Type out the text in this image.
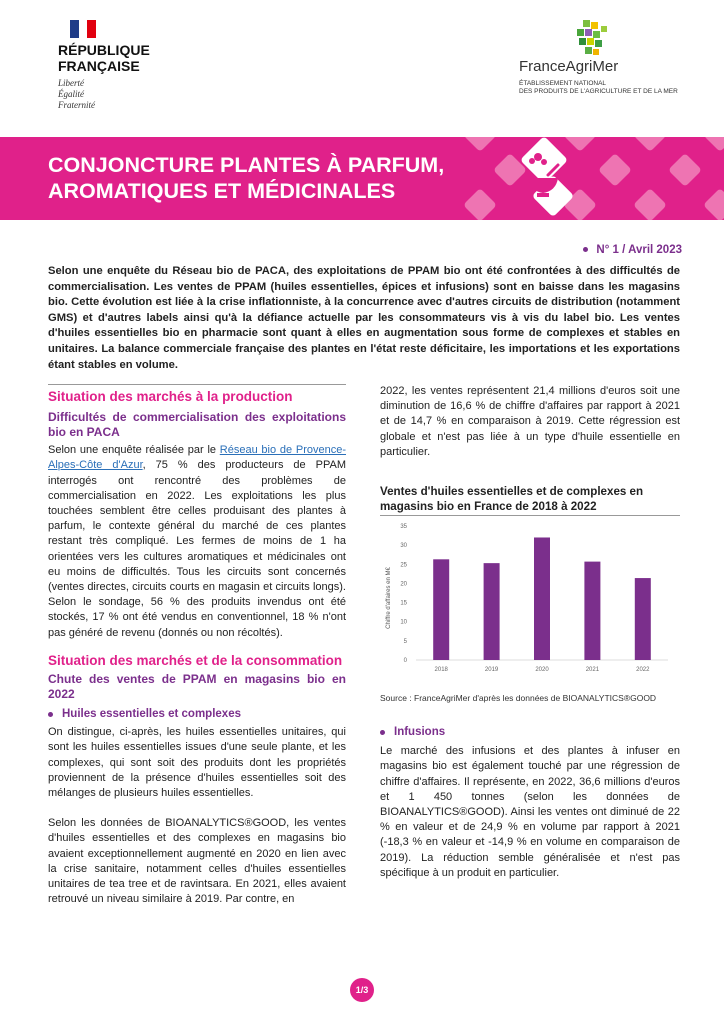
RÉPUBLIQUE
FRANÇAISE
Liberté
Égalité
Fraternité
FranceAgriMer
ÉTABLISSEMENT NATIONAL
DES PRODUITS DE L'AGRICULTURE ET DE LA MER
CONJONCTURE PLANTES À PARFUM,
AROMATIQUES ET MÉDICINALES
N° 1 / Avril 2023
Selon une enquête du Réseau bio de PACA, des exploitations de PPAM bio ont été confrontées à des difficultés de commercialisation. Les ventes de PPAM (huiles essentielles, épices et infusions) sont en baisse dans les magasins bio. Cette évolution est liée à la crise inflationniste, à la concurrence avec d'autres circuits de distribution (notamment GMS) et d'autres labels ainsi qu'à la défiance actuelle par les consommateurs vis à vis du label bio. Les ventes d'huiles essentielles bio en pharmacie sont quant à elles en augmentation sous forme de complexes et stables en unitaires. La balance commerciale française des plantes en l'état reste déficitaire, les importations et les exportations étant stables en volume.
Situation des marchés à la production
Difficultés de commercialisation des exploitations bio en PACA

Selon une enquête réalisée par le Réseau bio de Provence-Alpes-Côte d'Azur, 75 % des producteurs de PPAM interrogés ont rencontré des problèmes de commercialisation en 2022. Les exploitations les plus touchées semblent être celles produisant des plantes à parfum, le contexte général du marché de ces plantes restant très compliqué. Les fermes de moins de 1 ha orientées vers les cultures aromatiques et médicinales ont eu moins de difficultés. Tous les circuits sont concernés (ventes directes, circuits courts en magasin et circuits longs). Selon le sondage, 56 % des produits invendus ont été stockés, 17 % ont été vendus en conventionnel, 18 % n'ont pas généré de revenu (donnés ou non récoltés).

Situation des marchés et de la consommation
Chute des ventes de PPAM en magasins bio en 2022
Huiles essentielles et complexes

On distingue, ci-après, les huiles essentielles unitaires, qui sont les huiles essentielles issues d'une seule plante, et les complexes, qui sont soit des produits dont les propriétés proviennent de la présence d'huiles essentielles soit des mélanges de plusieurs huiles essentielles.

Selon les données de BIOANALYTICS®GOOD, les ventes d'huiles essentielles et des complexes en magasins bio avaient exceptionnellement augmenté en 2020 en lien avec la crise sanitaire, notamment celles d'huiles essentielles unitaires de tea tree et de ravintsara. En 2021, elles avaient retrouvé un niveau similaire à 2019. Par contre, en

2022, les ventes représentent 21,4 millions d'euros soit une diminution de 16,6 % de chiffre d'affaires par rapport à 2021 et de 14,7 % en comparaison à 2019. Cette régression est globale et n'est pas liée à un type d'huile essentielle en particulier.

Ventes d'huiles essentielles et de complexes en magasins bio en France de 2018 à 2022
Chiffre d'affaires en M€
0
5
10
15
20
25
30
35
2018	2019	2020	2021	2022
Source : FranceAgriMer d'après les données de BIOANALYTICS®GOOD
Infusions

Le marché des infusions et des plantes à infuser en magasins bio est également touché par une régression de chiffre d'affaires. Il représente, en 2022, 36,6 millions d'euros et 1 450 tonnes (selon les données de BIOANALYTICS®GOOD). Ainsi les ventes ont diminué de 22 % en valeur et de 24,9 % en volume par rapport à 2021 (-18,3 % en valeur et -14,9 % en volume en comparaison de 2019). La réduction semble généralisée et n'est pas spécifique à un produit en particulier.

1/3
